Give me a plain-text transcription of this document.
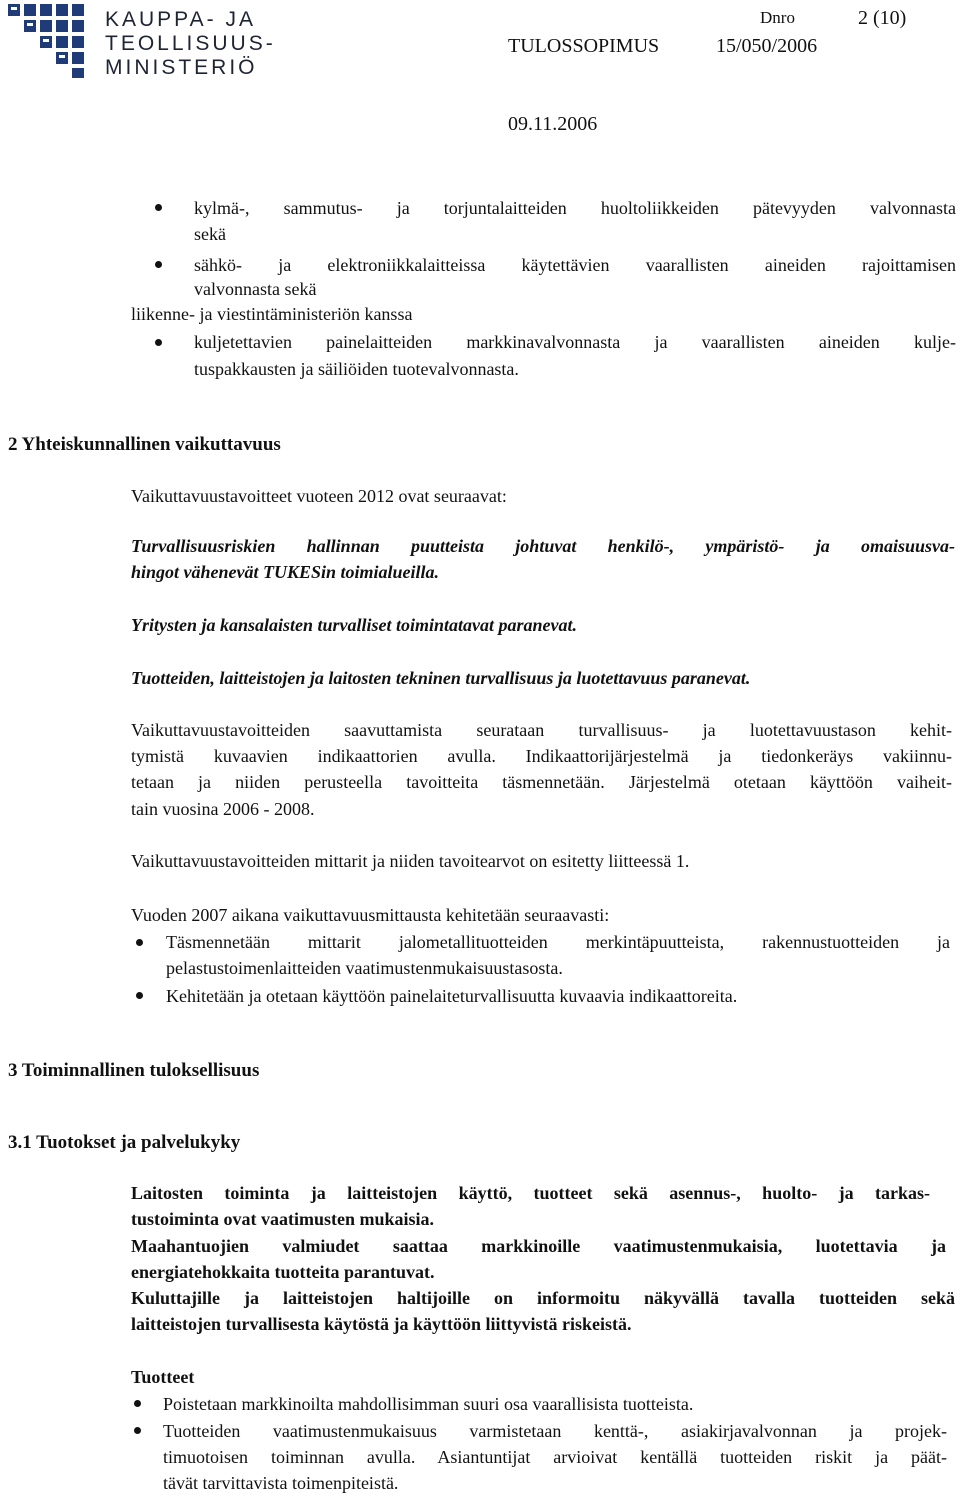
KAUPPA- JA
TEOLLISUUS-
MINISTERIÖ
Dnro	2 (10)
TULOSSOPIMUS	15/050/2006
09.11.2006
kylmä-, sammutus- ja torjuntalaitteiden huoltoliikkeiden pätevyyden valvonnasta
sekä
sähkö- ja elektroniikkalaitteissa käytettävien vaarallisten aineiden rajoittamisen
valvonnasta sekä
liikenne- ja viestintäministeriön kanssa
kuljetettavien painelaitteiden markkinavalvonnasta ja vaarallisten aineiden kulje-
tuspakkausten ja säiliöiden tuotevalvonnasta.
2 Yhteiskunnallinen vaikuttavuus
Vaikuttavuustavoitteet vuoteen 2012 ovat seuraavat:
Turvallisuusriskien hallinnan puutteista johtuvat henkilö-, ympäristö- ja omaisuusva-
hingot vähenevät TUKESin toimialueilla.
Yritysten ja kansalaisten turvalliset toimintatavat paranevat.
Tuotteiden, laitteistojen ja laitosten tekninen turvallisuus ja luotettavuus paranevat.
Vaikuttavuustavoitteiden saavuttamista seurataan turvallisuus- ja luotettavuustason kehit-
tymistä kuvaavien indikaattorien avulla. Indikaattorijärjestelmä ja tiedonkeräys vakiinnu-
tetaan ja niiden perusteella tavoitteita täsmennetään. Järjestelmä otetaan käyttöön vaiheit-
tain vuosina 2006 - 2008.
Vaikuttavuustavoitteiden mittarit ja niiden tavoitearvot on esitetty liitteessä 1.
Vuoden 2007 aikana vaikuttavuusmittausta kehitetään seuraavasti:
Täsmennetään mittarit jalometallituotteiden merkintäpuutteista, rakennustuotteiden ja
pelastustoimenlaitteiden vaatimustenmukaisuustasosta.
Kehitetään ja otetaan käyttöön painelaiteturvallisuutta kuvaavia indikaattoreita.
3 Toiminnallinen tuloksellisuus
3.1 Tuotokset ja palvelukyky
Laitosten toiminta ja laitteistojen käyttö, tuotteet sekä asennus-, huolto- ja tarkas-
tustoiminta ovat vaatimusten mukaisia.
Maahantuojien valmiudet saattaa markkinoille vaatimustenmukaisia, luotettavia ja
energiatehokkaita tuotteita parantuvat.
Kuluttajille ja laitteistojen haltijoille on informoitu näkyvällä tavalla tuotteiden sekä
laitteistojen turvallisesta käytöstä ja käyttöön liittyvistä riskeistä.
Tuotteet
Poistetaan markkinoilta mahdollisimman suuri osa vaarallisista tuotteista.
Tuotteiden vaatimustenmukaisuus varmistetaan kenttä-, asiakirjavalvonnan ja projek-
timuotoisen toiminnan avulla. Asiantuntijat arvioivat kentällä tuotteiden riskit ja päät-
tävät tarvittavista toimenpiteistä.
